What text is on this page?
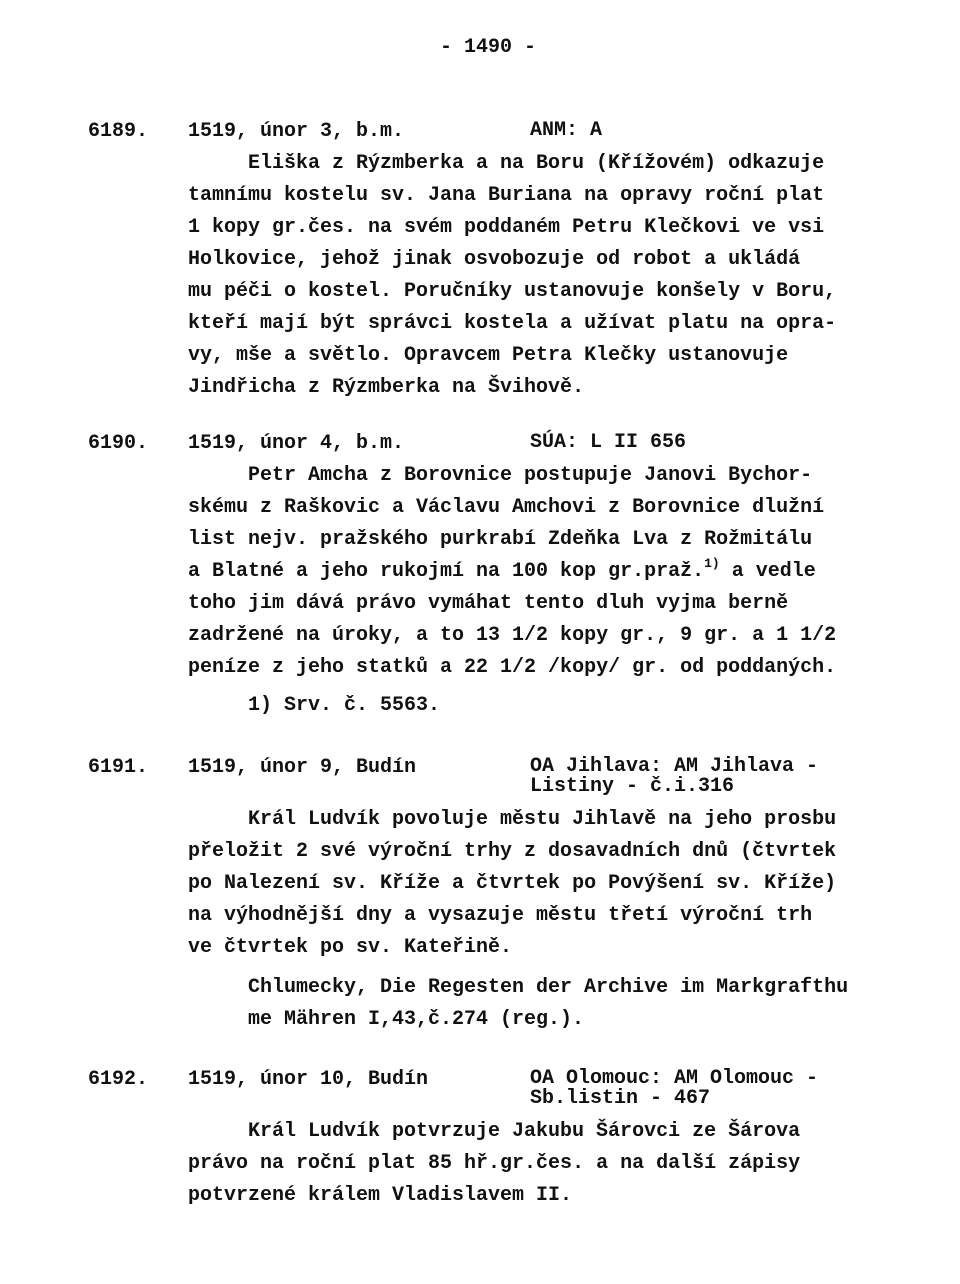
- 1490 -
6189. 1519, únor 3, b.m.	ANM: A
Eliška z Rýzmberka a na Boru (Křížovém) odkazuje
tamnímu kostelu sv. Jana Buriana na opravy roční plat
1 kopy gr.čes. na svém poddaném Petru Klečkovi ve vsi
Holkovice, jehož jinak osvobozuje od robot a ukládá
mu péči o kostel. Poručníky ustanovuje konšely v Boru,
kteří mají být správci kostela a užívat platu na opra-
vy, mše a světlo. Opravcem Petra Klečky ustanovuje
Jindřicha z Rýzmberka na Švihově.
6190. 1519, únor 4, b.m.	SÚA: L II 656
Petr Amcha z Borovnice postupuje Janovi Bychor-
skému z Raškovic a Václavu Amchovi z Borovnice dlužní
list nejv. pražského purkrabí Zdeňka Lva z Rožmitálu
a Blatné a jeho rukojmí na 100 kop gr.praž.$^{1)}$ a vedle
toho jim dává právo vymáhat tento dluh vyjma berně
zadržené na úroky, a to 13 1/2 kopy gr., 9 gr. a 1 1/2
peníze z jeho statků a 22 1/2 /kopy/ gr. od poddaných.
1) Srv. č. 5563.
6191. 1519, únor 9, Budín	OA Jihlava: AM Jihlava -
Listiny - č.i.316
Král Ludvík povoluje městu Jihlavě na jeho prosbu
přeložit 2 své výroční trhy z dosavadních dnů (čtvrtek
po Nalezení sv. Kříže a čtvrtek po Povýšení sv. Kříže)
na výhodnější dny a vysazuje městu třetí výroční trh
ve čtvrtek po sv. Kateřině.
Chlumecky, Die Regesten der Archive im Markgrafthu
me Mähren I,43,č.274 (reg.).
6192. 1519, únor 10, Budín	OA Olomouc: AM Olomouc -
Sb.listin - 467
Král Ludvík potvrzuje Jakubu Šárovci ze Šárova
právo na roční plat 85 hř.gr.čes. a na další zápisy
potvrzené králem Vladislavem II.
